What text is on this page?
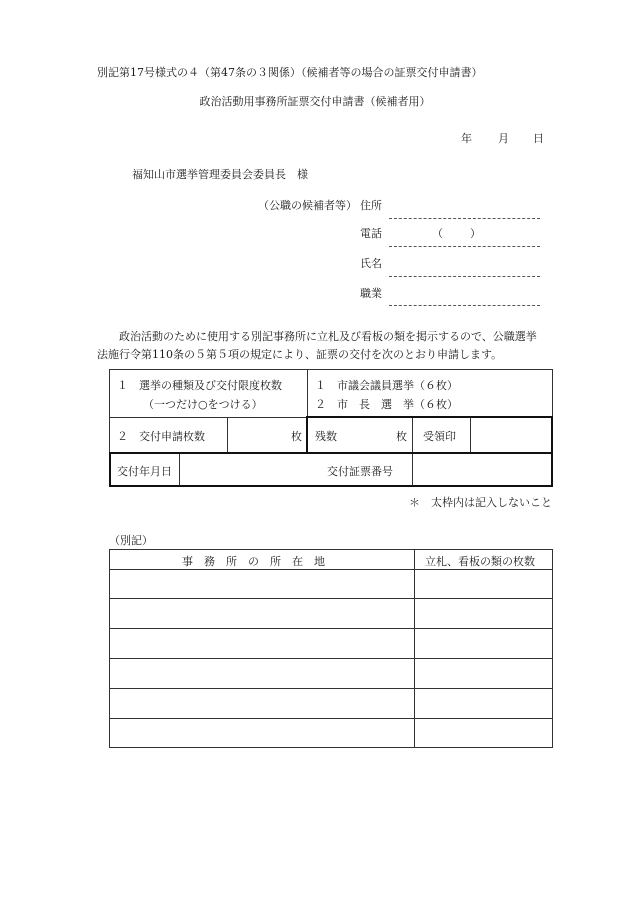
別記第17号様式の４（第47条の３関係）（候補者等の場合の証票交付申請書）
政治活動用事務所証票交付申請書（候補者用）
年 月 日
福知山市選挙管理委員会委員長　様
（公職の候補者等） 住所
電話	（ ）
氏名
職業
政治活動のために使用する別記事務所に立札及び看板の類を掲示するので、公職選挙
法施行令第110条の５第５項の規定により、証票の交付を次のとおり申請します。
１　選挙の種類及び交付限度枚数
（一つだけ○をつける）
１　市議会議員選挙（６枚）
２　市　長　選　挙（６枚）
２　交付申請枚数	枚 残数	枚 受領印
交付年月日	交付証票番号
＊　太枠内は記入しないこと
（別記）
事　務　所　の　所　在　地	立札、看板の類の枚数
